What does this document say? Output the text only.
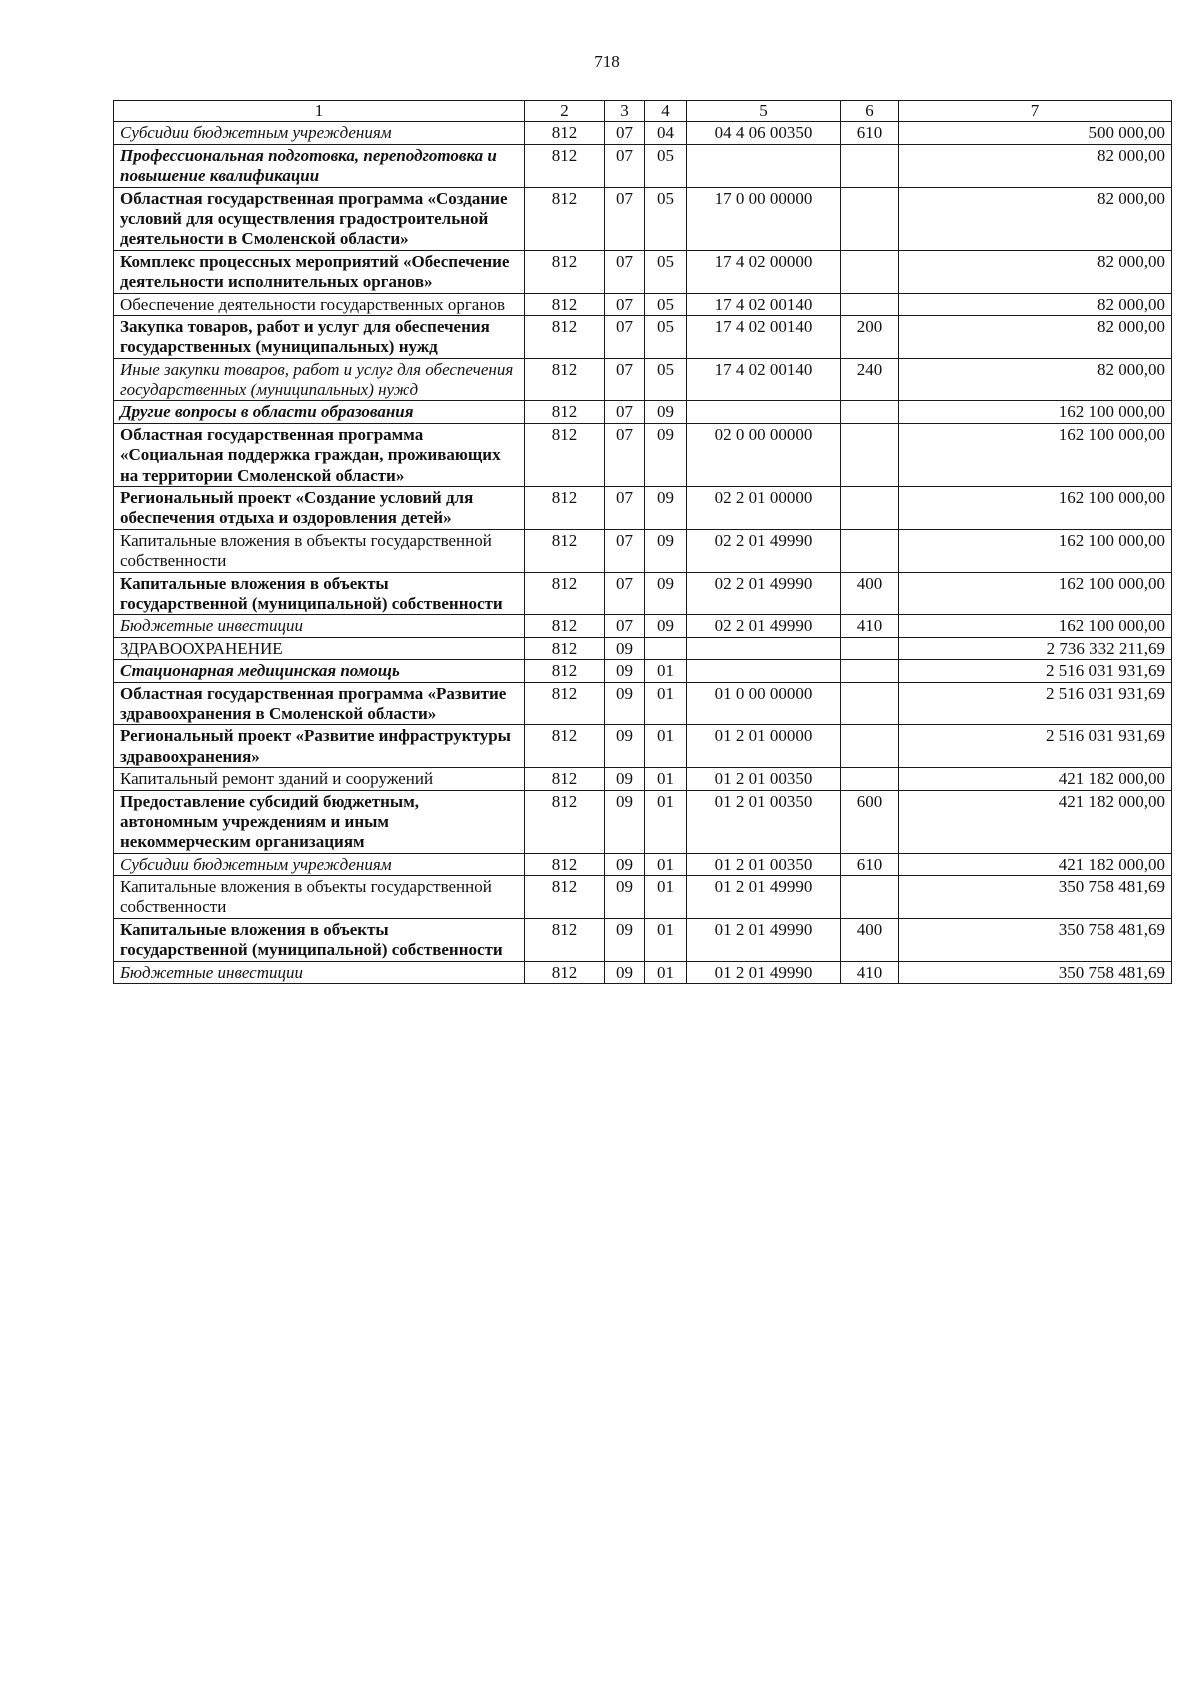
718
1	2	3	4	5	6	7
Субсидии бюджетным учреждениям	812	07	04	04 4 06 00350	610	500 000,00
Профессиональная подготовка, переподготовка и повышение квалификации	812	07	05			82 000,00
Областная государственная программа «Создание условий для осуществления градостроительной деятельности в Смоленской области»	812	07	05	17 0 00 00000		82 000,00
Комплекс процессных мероприятий «Обеспечение деятельности исполнительных органов»	812	07	05	17 4 02 00000		82 000,00
Обеспечение деятельности государственных органов	812	07	05	17 4 02 00140		82 000,00
Закупка товаров, работ и услуг для обеспечения государственных (муниципальных) нужд	812	07	05	17 4 02 00140	200	82 000,00
Иные закупки товаров, работ и услуг для обеспечения государственных (муниципальных) нужд	812	07	05	17 4 02 00140	240	82 000,00
Другие вопросы в области образования	812	07	09			162 100 000,00
Областная государственная программа «Социальная поддержка граждан, проживающих на территории Смоленской области»	812	07	09	02 0 00 00000		162 100 000,00
Региональный проект «Создание условий для обеспечения отдыха и оздоровления детей»	812	07	09	02 2 01 00000		162 100 000,00
Капитальные вложения в объекты государственной собственности	812	07	09	02 2 01 49990		162 100 000,00
Капитальные вложения в объекты государственной (муниципальной) собственности	812	07	09	02 2 01 49990	400	162 100 000,00
Бюджетные инвестиции	812	07	09	02 2 01 49990	410	162 100 000,00
ЗДРАВООХРАНЕНИЕ	812	09				2 736 332 211,69
Стационарная медицинская помощь	812	09	01			2 516 031 931,69
Областная государственная программа «Развитие здравоохранения в Смоленской области»	812	09	01	01 0 00 00000		2 516 031 931,69
Региональный проект «Развитие инфраструктуры здравоохранения»	812	09	01	01 2 01 00000		2 516 031 931,69
Капитальный ремонт зданий и сооружений	812	09	01	01 2 01 00350		421 182 000,00
Предоставление субсидий бюджетным, автономным учреждениям и иным некоммерческим организациям	812	09	01	01 2 01 00350	600	421 182 000,00
Субсидии бюджетным учреждениям	812	09	01	01 2 01 00350	610	421 182 000,00
Капитальные вложения в объекты государственной собственности	812	09	01	01 2 01 49990		350 758 481,69
Капитальные вложения в объекты государственной (муниципальной) собственности	812	09	01	01 2 01 49990	400	350 758 481,69
Бюджетные инвестиции	812	09	01	01 2 01 49990	410	350 758 481,69
